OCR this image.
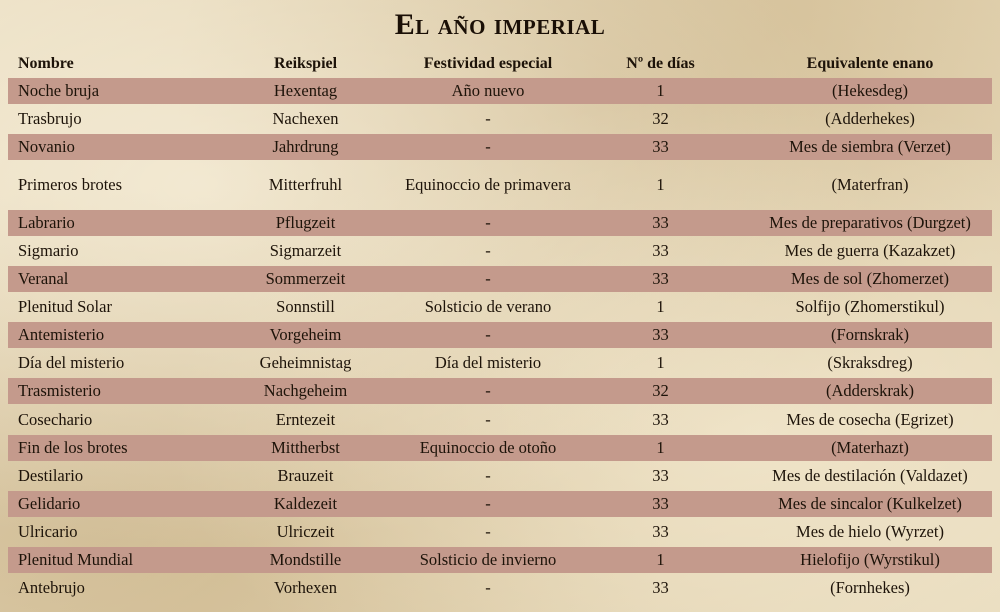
El año imperial
Nombre	Reikspiel	Festividad especial	Nº de días	Equivalente enano
Noche bruja	Hexentag	Año nuevo	1	(Hekesdeg)
Trasbrujo	Nachexen	-	32	(Adderhekes)
Novanio	Jahrdrung	-	33	Mes de siembra (Verzet)
Primeros brotes	Mitterfruhl	Equinoccio de primavera	1	(Materfran)
Labrario	Pflugzeit	-	33	Mes de preparativos (Durgzet)
Sigmario	Sigmarzeit	-	33	Mes de guerra (Kazakzet)
Veranal	Sommerzeit	-	33	Mes de sol (Zhomerzet)
Plenitud Solar	Sonnstill	Solsticio de verano	1	Solfijo (Zhomerstikul)
Antemisterio	Vorgeheim	-	33	(Fornskrak)
Día del misterio	Geheimnistag	Día del misterio	1	(Skraksdreg)
Trasmisterio	Nachgeheim	-	32	(Adderskrak)
Cosechario	Erntezeit	-	33	Mes de cosecha (Egrizet)
Fin de los brotes	Mittherbst	Equinoccio de otoño	1	(Materhazt)
Destilario	Brauzeit	-	33	Mes de destilación (Valdazet)
Gelidario	Kaldezeit	-	33	Mes de sincalor (Kulkelzet)
Ulricario	Ulriczeit	-	33	Mes de hielo (Wyrzet)
Plenitud Mundial	Mondstille	Solsticio de invierno	1	Hielofijo (Wyrstikul)
Antebrujo	Vorhexen	-	33	(Fornhekes)
